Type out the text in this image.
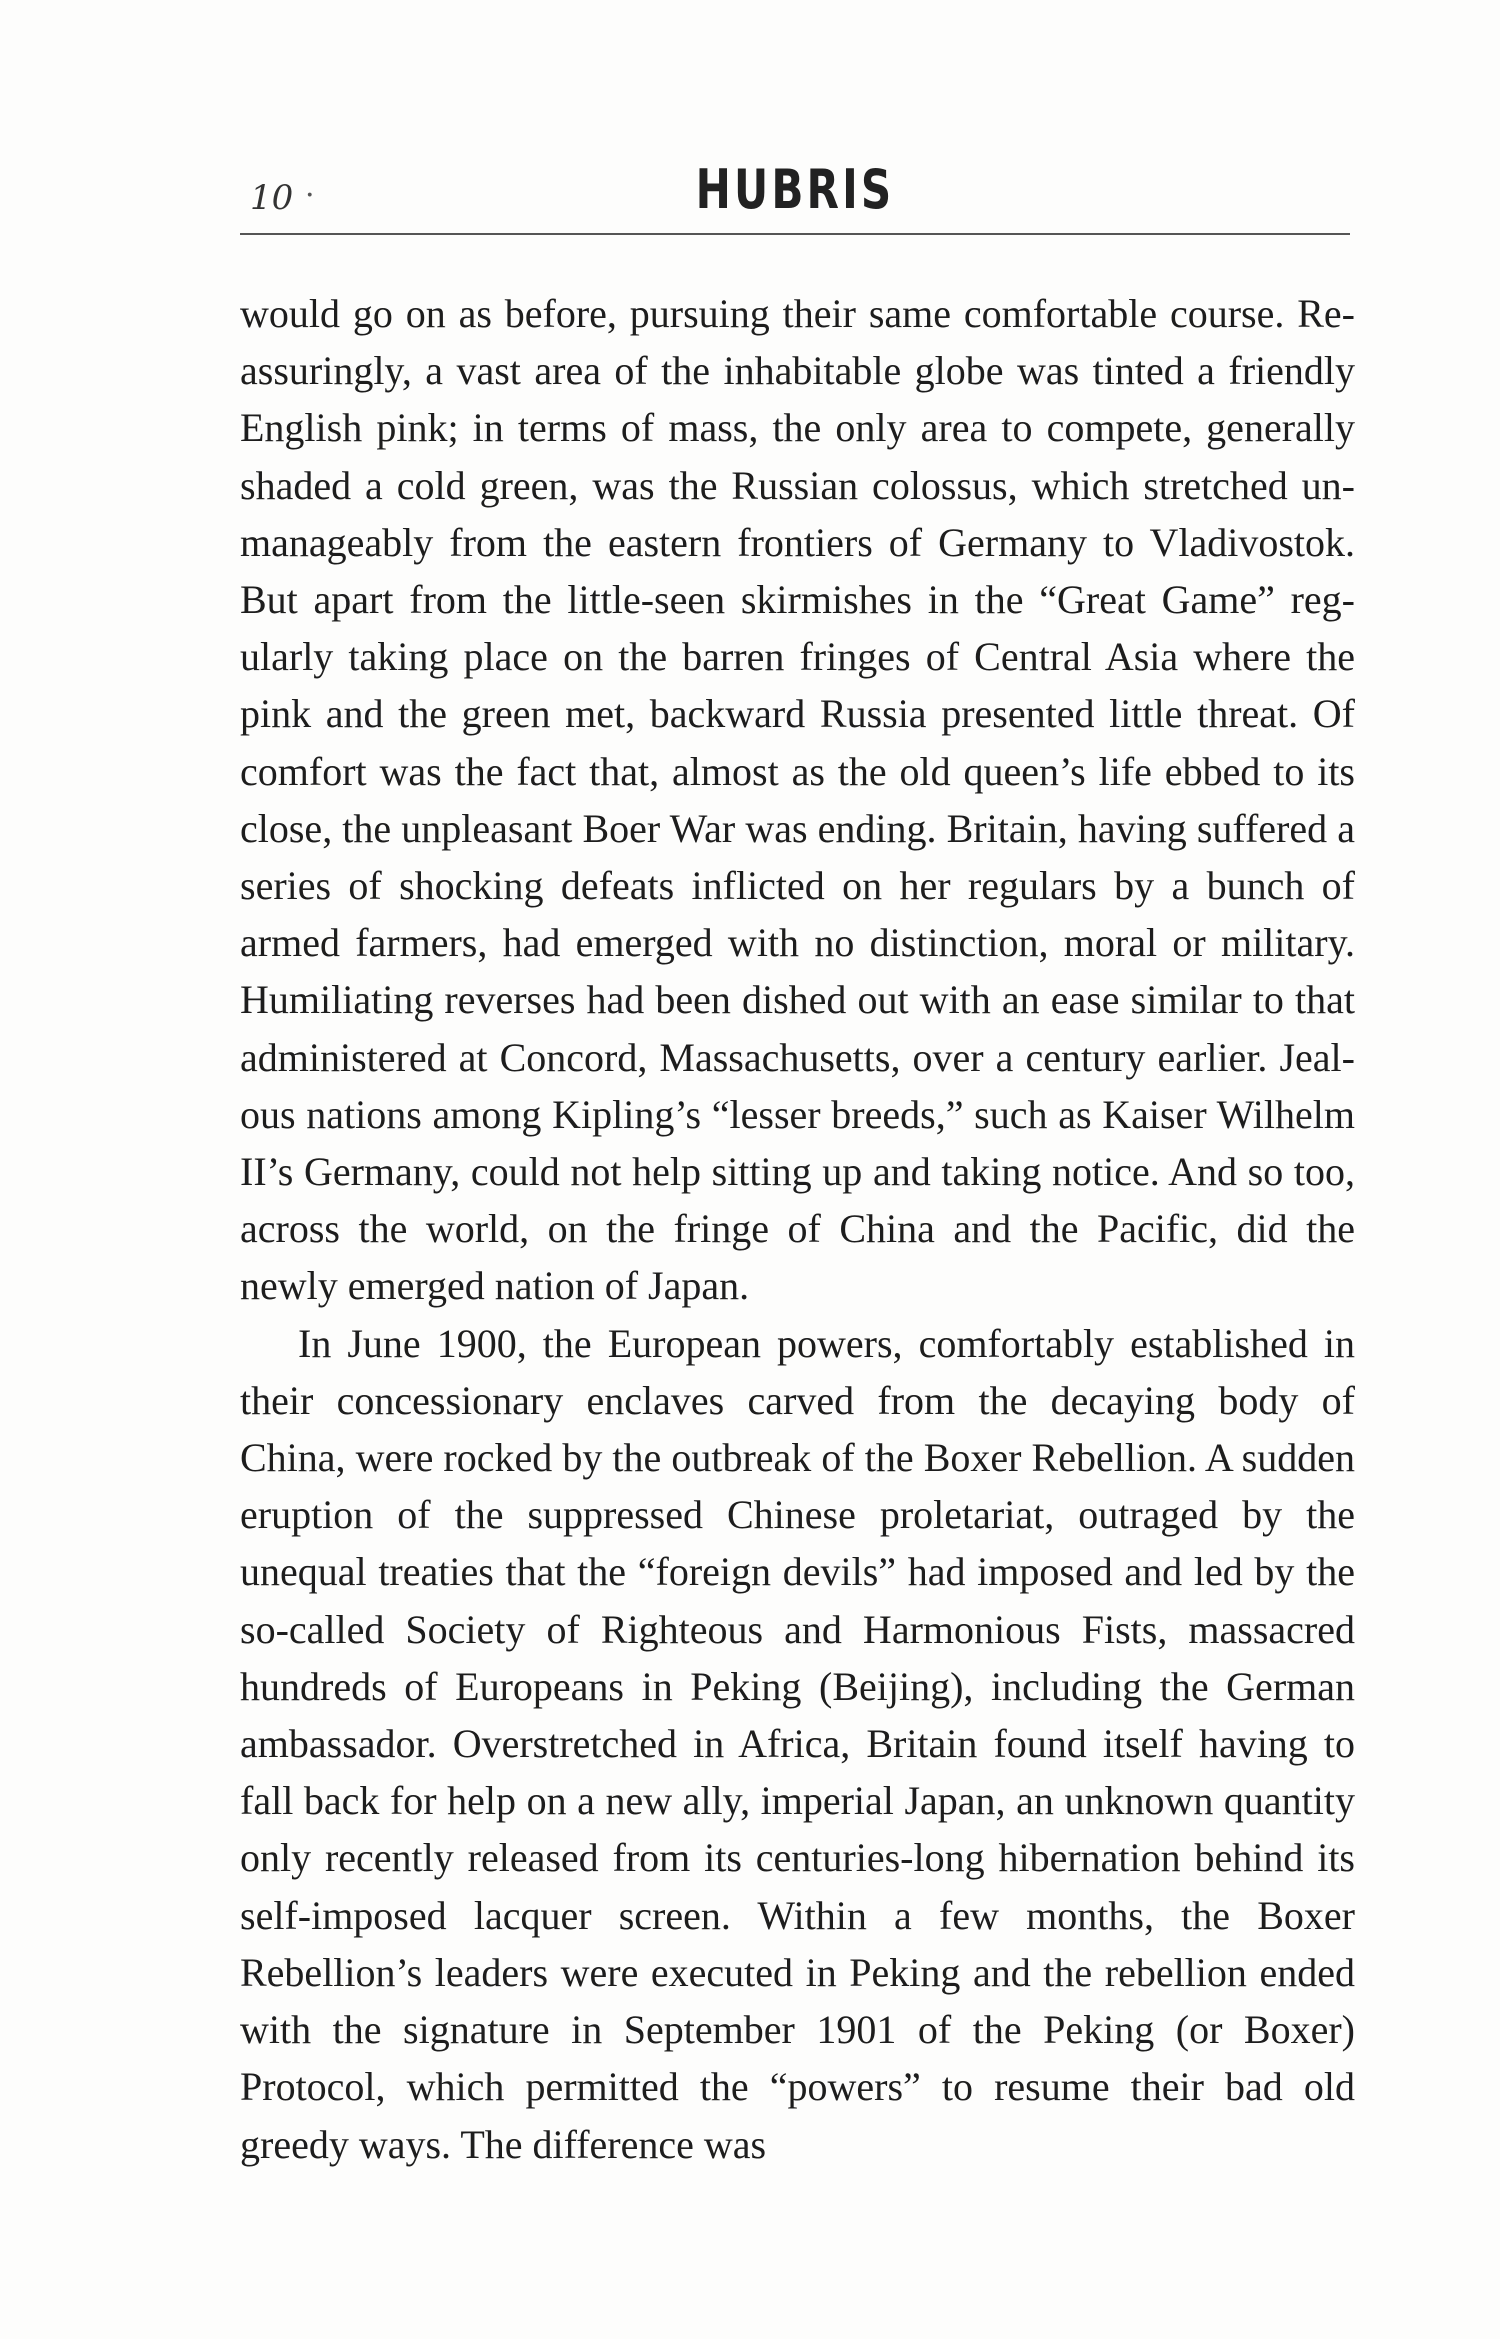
10 ·	HUBRIS

would go on as before, pursuing their same comfortable course. Reassuringly, a vast area of the inhabitable globe was tinted a friendly English pink; in terms of mass, the only area to compete, generally shaded a cold green, was the Russian colossus, which stretched unmanageably from the eastern frontiers of Germany to Vladivostok. But apart from the little-seen skirmishes in the “Great Game” regularly taking place on the barren fringes of Central Asia where the pink and the green met, backward Russia presented little threat. Of comfort was the fact that, almost as the old queen’s life ebbed to its close, the unpleasant Boer War was ending. Britain, having suffered a series of shocking defeats inflicted on her regulars by a bunch of armed farmers, had emerged with no distinction, moral or military. Humiliating reverses had been dished out with an ease similar to that administered at Concord, Massachusetts, over a century earlier. Jealous nations among Kipling’s “lesser breeds,” such as Kaiser Wilhelm II’s Germany, could not help sitting up and taking notice. And so too, across the world, on the fringe of China and the Pacific, did the newly emerged nation of Japan.

In June 1900, the European powers, comfortably established in their concessionary enclaves carved from the decaying body of China, were rocked by the outbreak of the Boxer Rebellion. A sudden eruption of the suppressed Chinese proletariat, outraged by the unequal treaties that the “foreign devils” had imposed and led by the so-called Society of Righteous and Harmonious Fists, massacred hundreds of Europeans in Peking (Beijing), including the German ambassador. Overstretched in Africa, Britain found itself having to fall back for help on a new ally, imperial Japan, an unknown quantity only recently released from its centuries-long hibernation behind its self-imposed lacquer screen. Within a few months, the Boxer Rebellion’s leaders were executed in Peking and the rebellion ended with the signature in September 1901 of the Peking (or Boxer) Protocol, which permitted the “powers” to resume their bad old greedy ways. The difference was
